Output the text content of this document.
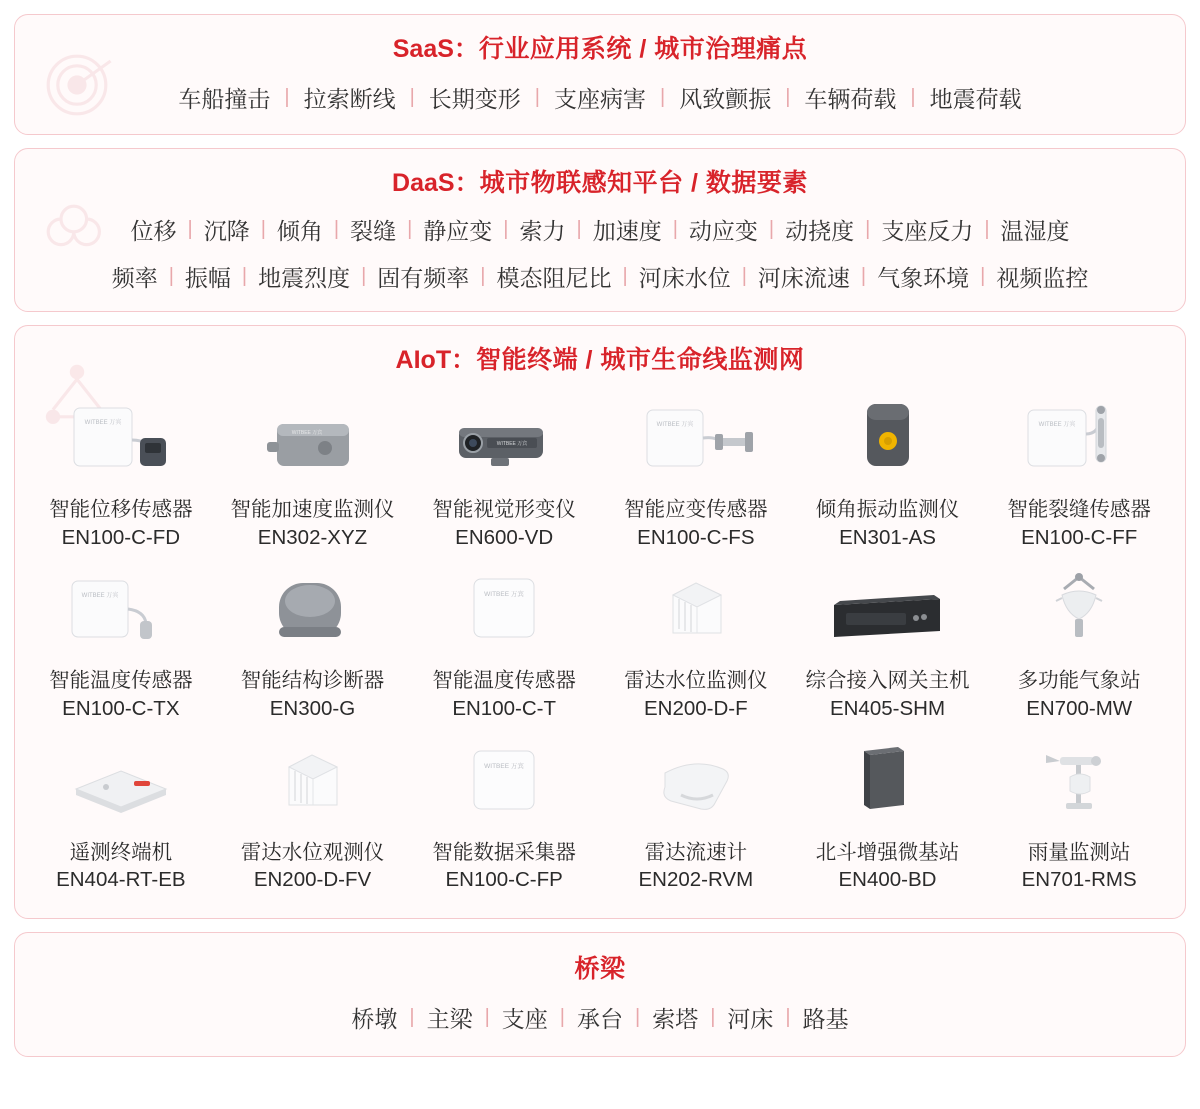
SaaS：行业应用系统 / 城市治理痛点
车船撞击 | 拉索断线 | 长期变形 | 支座病害 | 风致颤振 | 车辆荷载 | 地震荷载
DaaS：城市物联感知平台 / 数据要素
位移 | 沉降 | 倾角 | 裂缝 | 静应变 | 索力 | 加速度 | 动应变 | 动挠度 | 支座反力 | 温湿度
频率 | 振幅 | 地震烈度 | 固有频率 | 模态阻尼比 | 河床水位 | 河床流速 | 气象环境 | 视频监控
AIoT：智能终端 / 城市生命线监测网
WITBEE 万宾
智能位移传感器
EN100-C-FD
WITBEE 万宾
智能加速度监测仪
EN302-XYZ
WITBEE 万宾
智能视觉形变仪
EN600-VD
WITBEE 万宾
智能应变传感器
EN100-C-FS
倾角振动监测仪
EN301-AS
WITBEE 万宾
智能裂缝传感器
EN100-C-FF
WITBEE 万宾
智能温度传感器
EN100-C-TX
智能结构诊断器
EN300-G
WITBEE 万宾
智能温度传感器
EN100-C-T
雷达水位监测仪
EN200-D-F
综合接入网关主机
EN405-SHM
多功能气象站
EN700-MW
遥测终端机
EN404-RT-EB
雷达水位观测仪
EN200-D-FV
WITBEE 万宾
智能数据采集器
EN100-C-FP
雷达流速计
EN202-RVM
北斗增强微基站
EN400-BD
雨量监测站
EN701-RMS
桥梁
桥墩 | 主梁 | 支座 | 承台 | 索塔 | 河床 | 路基
